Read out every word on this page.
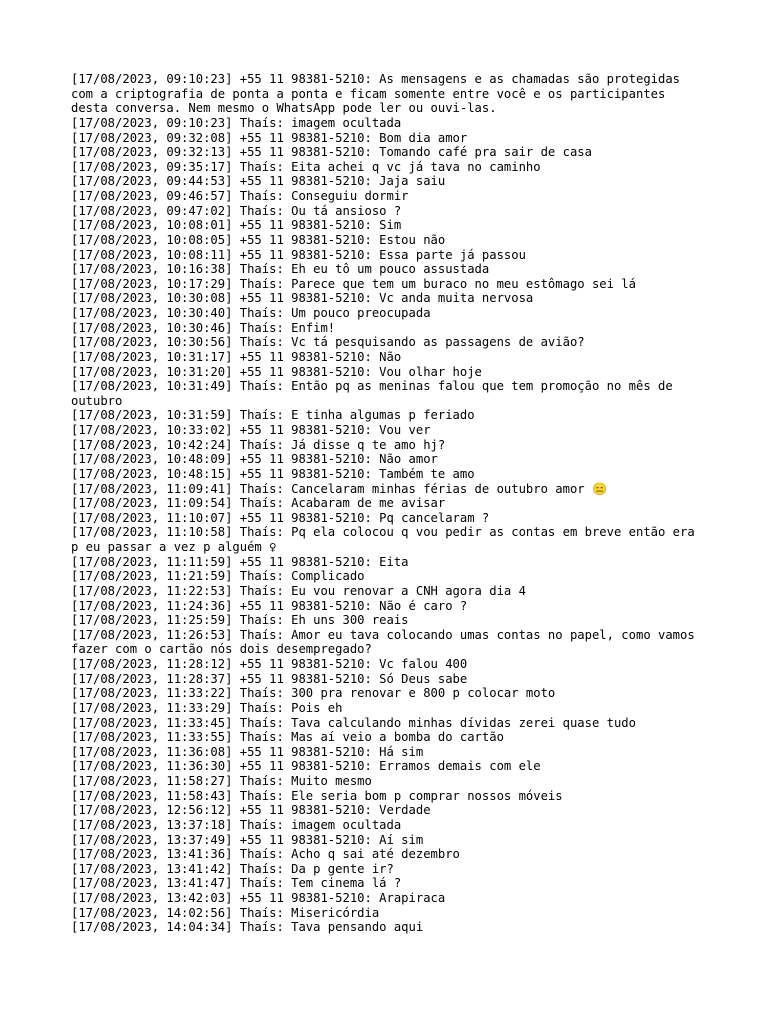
[17/08/2023, 09:10:23] +55 11 98381-5210: As mensagens e as chamadas são protegidas com a criptografia de ponta a ponta e ficam somente entre você e os participantes desta conversa. Nem mesmo o WhatsApp pode ler ou ouvi-las.
[17/08/2023, 09:10:23] Thaís: imagem ocultada
[17/08/2023, 09:32:08] +55 11 98381-5210: Bom dia amor
[17/08/2023, 09:32:13] +55 11 98381-5210: Tomando café pra sair de casa
[17/08/2023, 09:35:17] Thaís: Eita achei q vc já tava no caminho
[17/08/2023, 09:44:53] +55 11 98381-5210: Jaja saiu
[17/08/2023, 09:46:57] Thaís: Conseguiu dormir
[17/08/2023, 09:47:02] Thaís: Ou tá ansioso ?
[17/08/2023, 10:08:01] +55 11 98381-5210: Sim
[17/08/2023, 10:08:05] +55 11 98381-5210: Estou não
[17/08/2023, 10:08:11] +55 11 98381-5210: Essa parte já passou
[17/08/2023, 10:16:38] Thaís: Eh eu tô um pouco assustada
[17/08/2023, 10:17:29] Thaís: Parece que tem um buraco no meu estômago sei lá
[17/08/2023, 10:30:08] +55 11 98381-5210: Vc anda muita nervosa
[17/08/2023, 10:30:40] Thaís: Um pouco preocupada
[17/08/2023, 10:30:46] Thaís: Enfim!
[17/08/2023, 10:30:56] Thaís: Vc tá pesquisando as passagens de avião?
[17/08/2023, 10:31:17] +55 11 98381-5210: Não
[17/08/2023, 10:31:20] +55 11 98381-5210: Vou olhar hoje
[17/08/2023, 10:31:49] Thaís: Então pq as meninas falou que tem promoção no mês de outubro
[17/08/2023, 10:31:59] Thaís: E tinha algumas p feriado
[17/08/2023, 10:33:02] +55 11 98381-5210: Vou ver
[17/08/2023, 10:42:24] Thaís: Já disse q te amo hj?
[17/08/2023, 10:48:09] +55 11 98381-5210: Não amor
[17/08/2023, 10:48:15] +55 11 98381-5210: Também te amo
[17/08/2023, 11:09:41] Thaís: Cancelaram minhas férias de outubro amor 😑
[17/08/2023, 11:09:54] Thaís: Acabaram de me avisar
[17/08/2023, 11:10:07] +55 11 98381-5210: Pq cancelaram ?
[17/08/2023, 11:10:58] Thaís: Pq ela colocou q vou pedir as contas em breve então era p eu passar a vez p alguém ♀
[17/08/2023, 11:11:59] +55 11 98381-5210: Eita
[17/08/2023, 11:21:59] Thaís: Complicado
[17/08/2023, 11:22:53] Thaís: Eu vou renovar a CNH agora dia 4
[17/08/2023, 11:24:36] +55 11 98381-5210: Não é caro ?
[17/08/2023, 11:25:59] Thaís: Eh uns 300 reais
[17/08/2023, 11:26:53] Thaís: Amor eu tava colocando umas contas no papel, como vamos fazer com o cartão nós dois desempregado?
[17/08/2023, 11:28:12] +55 11 98381-5210: Vc falou 400
[17/08/2023, 11:28:37] +55 11 98381-5210: Só Deus sabe
[17/08/2023, 11:33:22] Thaís: 300 pra renovar e 800 p colocar moto
[17/08/2023, 11:33:29] Thaís: Pois eh
[17/08/2023, 11:33:45] Thaís: Tava calculando minhas dívidas zerei quase tudo
[17/08/2023, 11:33:55] Thaís: Mas aí veio a bomba do cartão
[17/08/2023, 11:36:08] +55 11 98381-5210: Há sim
[17/08/2023, 11:36:30] +55 11 98381-5210: Erramos demais com ele
[17/08/2023, 11:58:27] Thaís: Muito mesmo
[17/08/2023, 11:58:43] Thaís: Ele seria bom p comprar nossos móveis
[17/08/2023, 12:56:12] +55 11 98381-5210: Verdade
[17/08/2023, 13:37:18] Thaís: imagem ocultada
[17/08/2023, 13:37:49] +55 11 98381-5210: Aí sim
[17/08/2023, 13:41:36] Thaís: Acho q sai até dezembro
[17/08/2023, 13:41:42] Thaís: Da p gente ir?
[17/08/2023, 13:41:47] Thaís: Tem cinema lá ?
[17/08/2023, 13:42:03] +55 11 98381-5210: Arapiraca
[17/08/2023, 14:02:56] Thaís: Misericórdia
[17/08/2023, 14:04:34] Thaís: Tava pensando aqui
